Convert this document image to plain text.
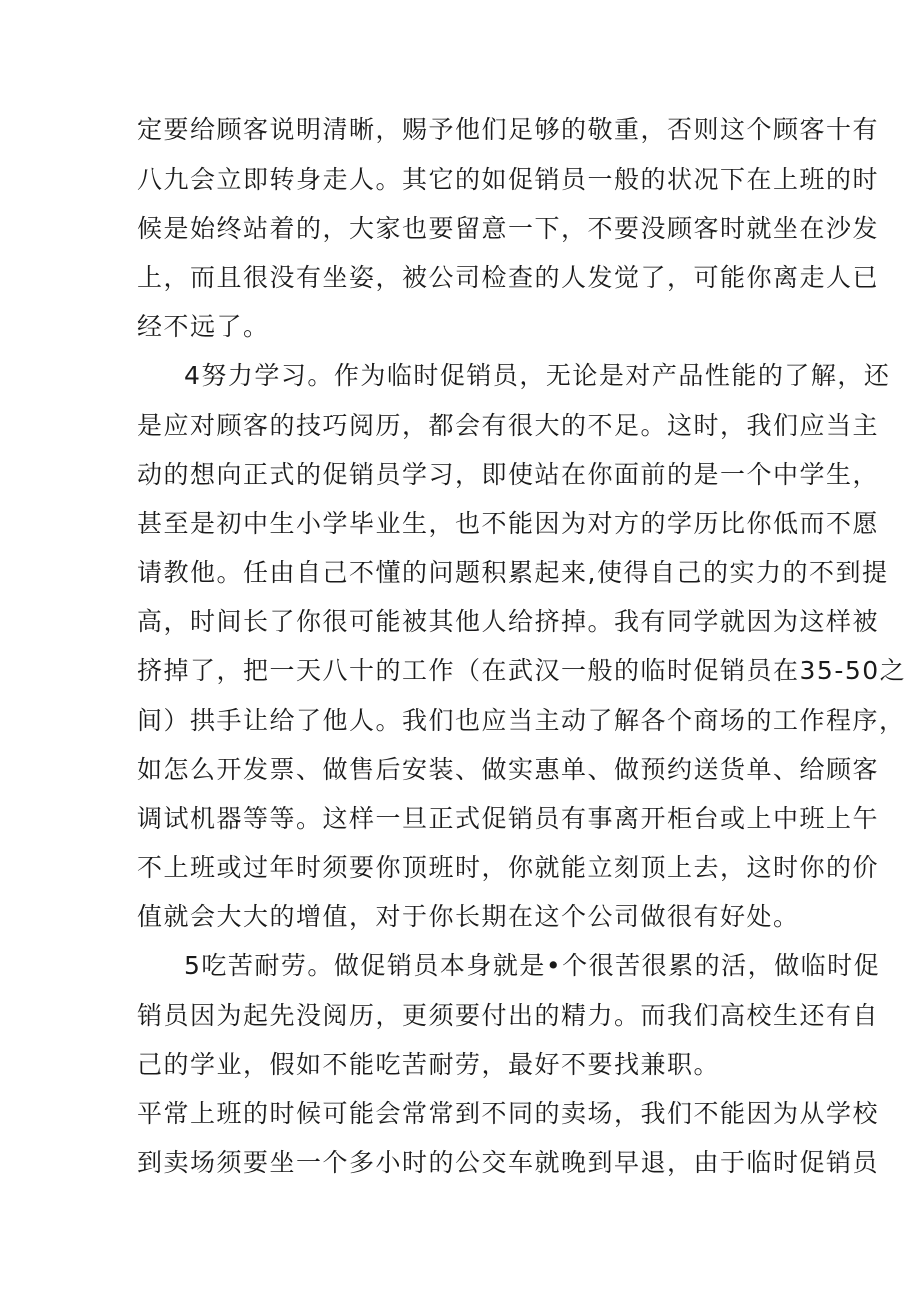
定要给顾客说明清晰，赐予他们足够的敬重，否则这个顾客十有
八九会立即转身走人。其它的如促销员一般的状况下在上班的时
候是始终站着的，大家也要留意一下，不要没顾客时就坐在沙发
上，而且很没有坐姿，被公司检查的人发觉了，可能你离走人已
经不远了。
4努力学习。作为临时促销员，无论是对产品性能的了解，还
是应对顾客的技巧阅历，都会有很大的不足。这时，我们应当主
动的想向正式的促销员学习，即使站在你面前的是一个中学生，
甚至是初中生小学毕业生，也不能因为对方的学历比你低而不愿
请教他。任由自己不懂的问题积累起来,使得自己的实力的不到提
高，时间长了你很可能被其他人给挤掉。我有同学就因为这样被
挤掉了，把一天八十的工作（在武汉一般的临时促销员在35-50之
间）拱手让给了他人。我们也应当主动了解各个商场的工作程序，
如怎么开发票、做售后安装、做实惠单、做预约送货单、给顾客
调试机器等等。这样一旦正式促销员有事离开柜台或上中班上午
不上班或过年时须要你顶班时，你就能立刻顶上去，这时你的价
值就会大大的增值，对于你长期在这个公司做很有好处。
5吃苦耐劳。做促销员本身就是•个很苦很累的活，做临时促
销员因为起先没阅历，更须要付出的精力。而我们高校生还有自
己的学业，假如不能吃苦耐劳，最好不要找兼职。
平常上班的时候可能会常常到不同的卖场，我们不能因为从学校
到卖场须要坐一个多小时的公交车就晚到早退，由于临时促销员
